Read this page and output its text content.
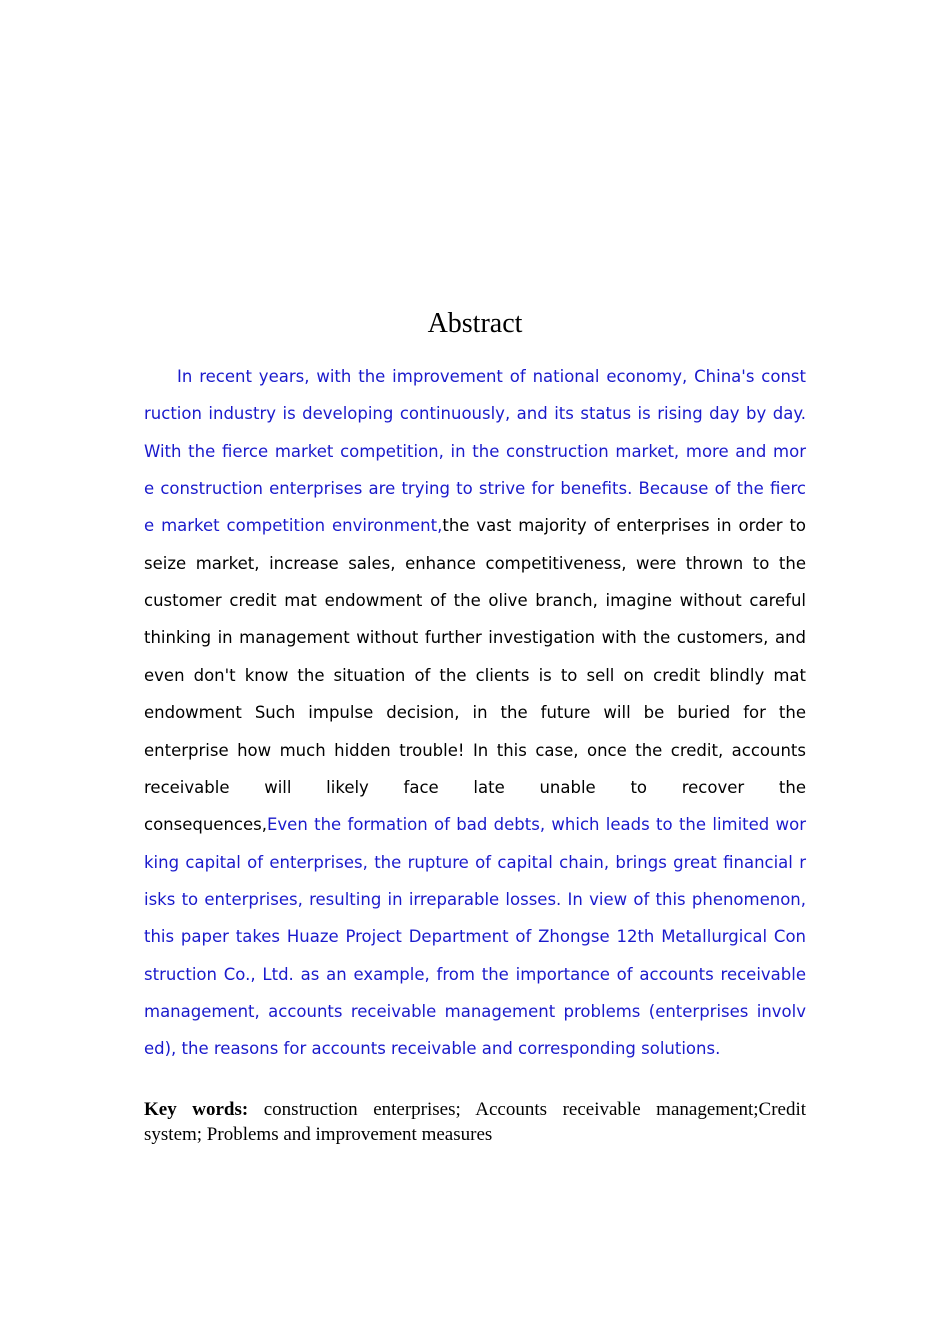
Abstract

In recent years, with the improvement of national economy, China's const

ruction industry is developing continuously, and its status is rising day by day.

With the fierce market competition, in the construction market, more and mor

e construction enterprises are trying to strive for benefits. Because of the fierc

e market competition environment,the vast majority of enterprises in order to

seize market, increase sales, enhance competitiveness, were thrown to the

customer credit mat endowment of the olive branch, imagine without careful

thinking in management without further investigation with the customers, and

even don't know the situation of the clients is to sell on credit blindly mat

endowment Such impulse decision, in the future will be buried for the

enterprise how much hidden trouble! In this case, once the credit, accounts

receivable will likely face late unable to recover the

consequences,Even the formation of bad debts, which leads to the limited wor

king capital of enterprises, the rupture of capital chain, brings great financial r

isks to enterprises, resulting in irreparable losses. In view of this phenomenon,

this paper takes Huaze Project Department of Zhongse 12th Metallurgical Con

struction Co., Ltd. as an example, from the importance of accounts receivable

management, accounts receivable management problems (enterprises involv

ed), the reasons for accounts receivable and corresponding solutions.

Key words: construction enterprises; Accounts receivable management;Credit
system; Problems and improvement measures
